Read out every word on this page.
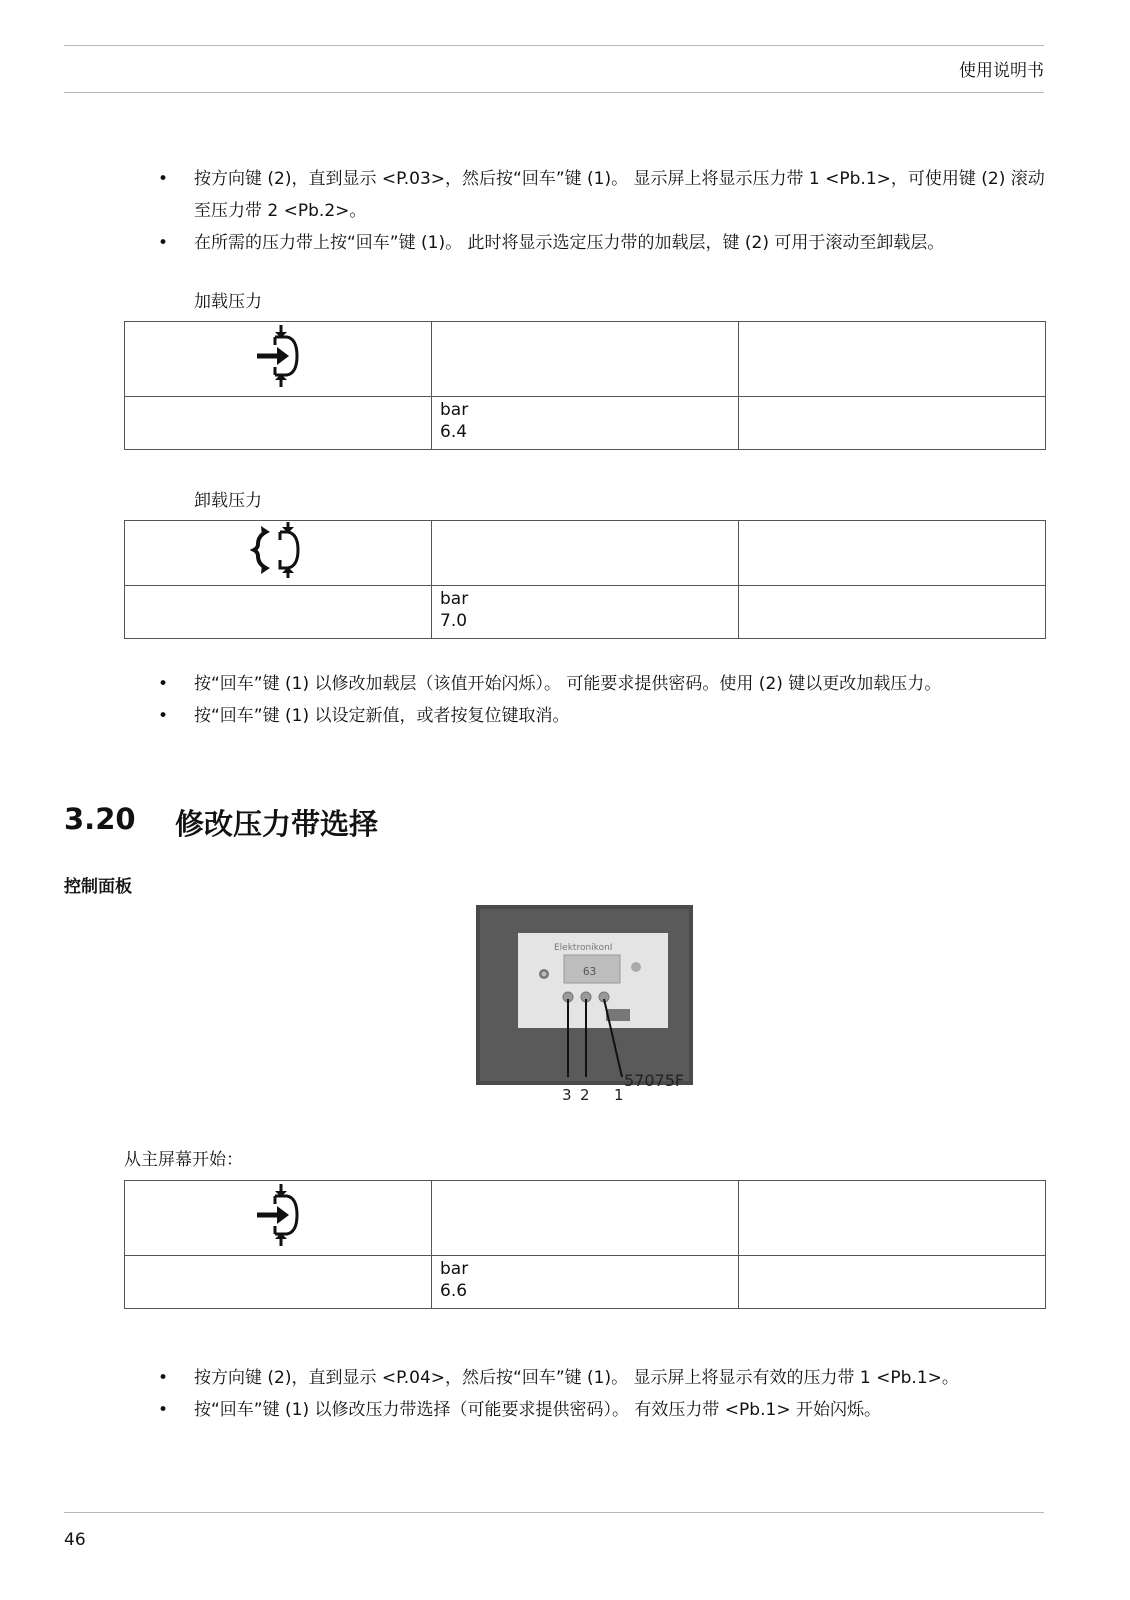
使用说明书
• 按方向键 (2)，直到显示 <P.03>，然后按“回车”键 (1)。 显示屏上将显示压力带 1 <Pb.1>，可使用键 (2) 滚动至压力带 2 <Pb.2>。
• 在所需的压力带上按“回车”键 (1)。 此时将显示选定压力带的加载层，键 (2) 可用于滚动至卸载层。
加载压力

	bar
6.4	

卸载压力

	bar
7.0	

• 按“回车”键 (1) 以修改加载层（该值开始闪烁）。 可能要求提供密码。使用 (2) 键以更改加载压力。
• 按“回车”键 (1) 以设定新值，或者按复位键取消。
3.20 修改压力带选择
控制面板
ElektronikonI
63
3 2 1
57075F
从主屏幕开始：

	bar
6.6	

• 按方向键 (2)，直到显示 <P.04>，然后按“回车”键 (1)。 显示屏上将显示有效的压力带 1 <Pb.1>。
• 按“回车”键 (1) 以修改压力带选择（可能要求提供密码）。 有效压力带 <Pb.1> 开始闪烁。
46
